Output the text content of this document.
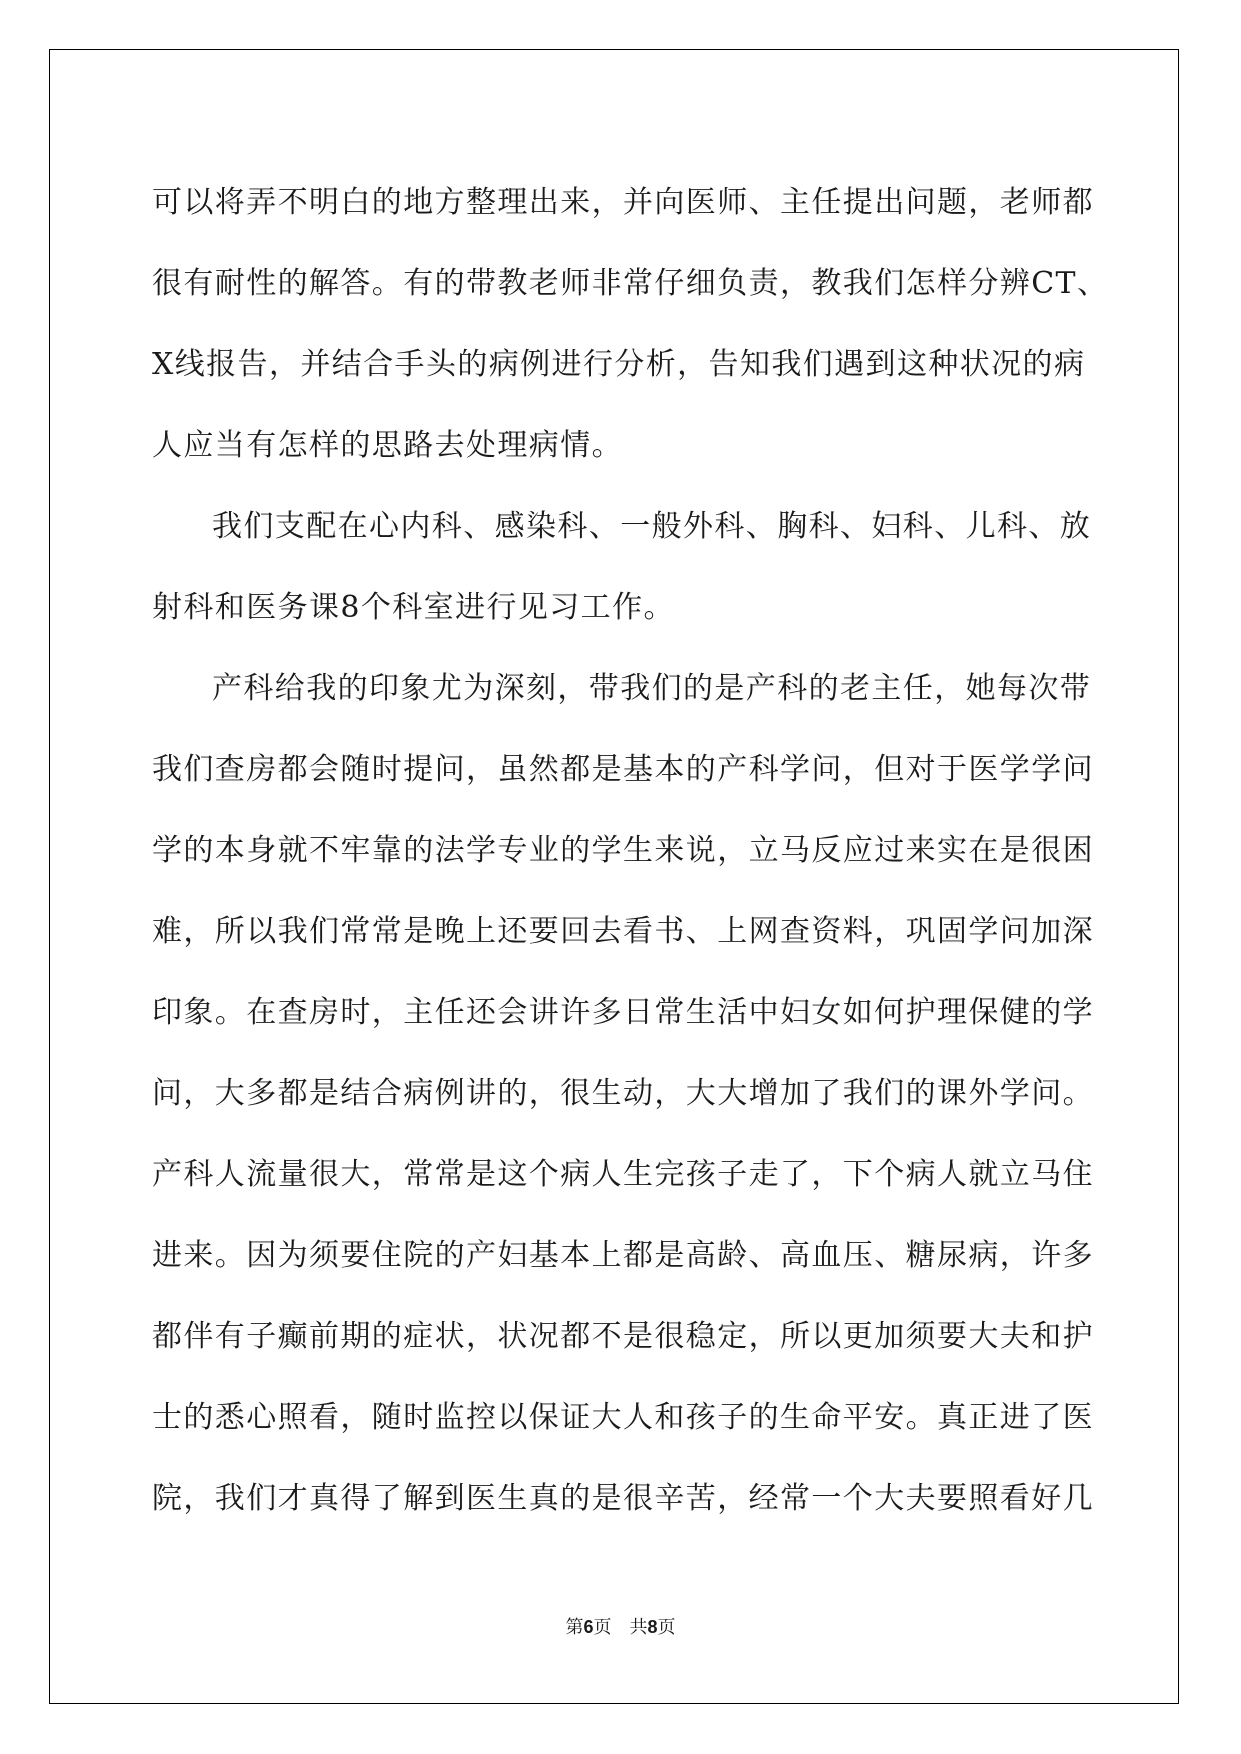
可以将弄不明白的地方整理出来，并向医师、主任提出问题，老师都
很有耐性的解答。有的带教老师非常仔细负责，教我们怎样分辨CT、
X线报告，并结合手头的病例进行分析，告知我们遇到这种状况的病
人应当有怎样的思路去处理病情。
我们支配在心内科、感染科、一般外科、胸科、妇科、儿科、放
射科和医务课8个科室进行见习工作。
产科给我的印象尤为深刻，带我们的是产科的老主任，她每次带
我们查房都会随时提问，虽然都是基本的产科学问，但对于医学学问
学的本身就不牢靠的法学专业的学生来说，立马反应过来实在是很困
难，所以我们常常是晚上还要回去看书、上网查资料，巩固学问加深
印象。在查房时，主任还会讲许多日常生活中妇女如何护理保健的学
问，大多都是结合病例讲的，很生动，大大增加了我们的课外学问。
产科人流量很大，常常是这个病人生完孩子走了，下个病人就立马住
进来。因为须要住院的产妇基本上都是高龄、高血压、糖尿病，许多
都伴有子癫前期的症状，状况都不是很稳定，所以更加须要大夫和护
士的悉心照看，随时监控以保证大人和孩子的生命平安。真正进了医
院，我们才真得了解到医生真的是很辛苦，经常一个大夫要照看好几
第6页 共8页
